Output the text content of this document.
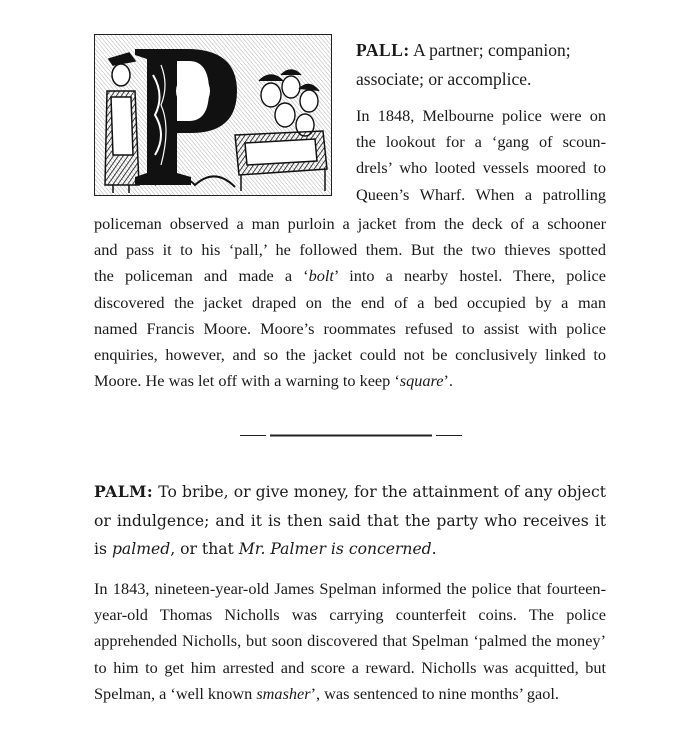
PALL: A partner; companion; associate; or accomplice.

In 1848, Melbourne police were on
the lookout for a ‘gang of scoun-
drels’ who looted vessels moored to
Queen’s Wharf. When a patrolling
policeman observed a man purloin a jacket from the deck of a schooner
and pass it to his ‘pall,’ he followed them. But the two thieves spotted
the policeman and made a ‘bolt’ into a nearby hostel. There, police
discovered the jacket draped on the end of a bed occupied by a man
named Francis Moore. Moore’s roommates refused to assist with police
enquiries, however, and so the jacket could not be conclusively linked to
Moore. He was let off with a warning to keep ‘square’.

PALM: To bribe, or give money, for the attainment of any object or indulgence; and it is then said that the party who receives it is palmed, or that Mr. Palmer is concerned.

In 1843, nineteen-year-old James Spelman informed the police that fourteen-year-old Thomas Nicholls was carrying counterfeit coins. The police apprehended Nicholls, but soon discovered that Spelman ‘palmed the money’ to him to get him arrested and score a reward. Nicholls was acquitted, but Spelman, a ‘well known smasher’, was sentenced to nine months’ gaol.
